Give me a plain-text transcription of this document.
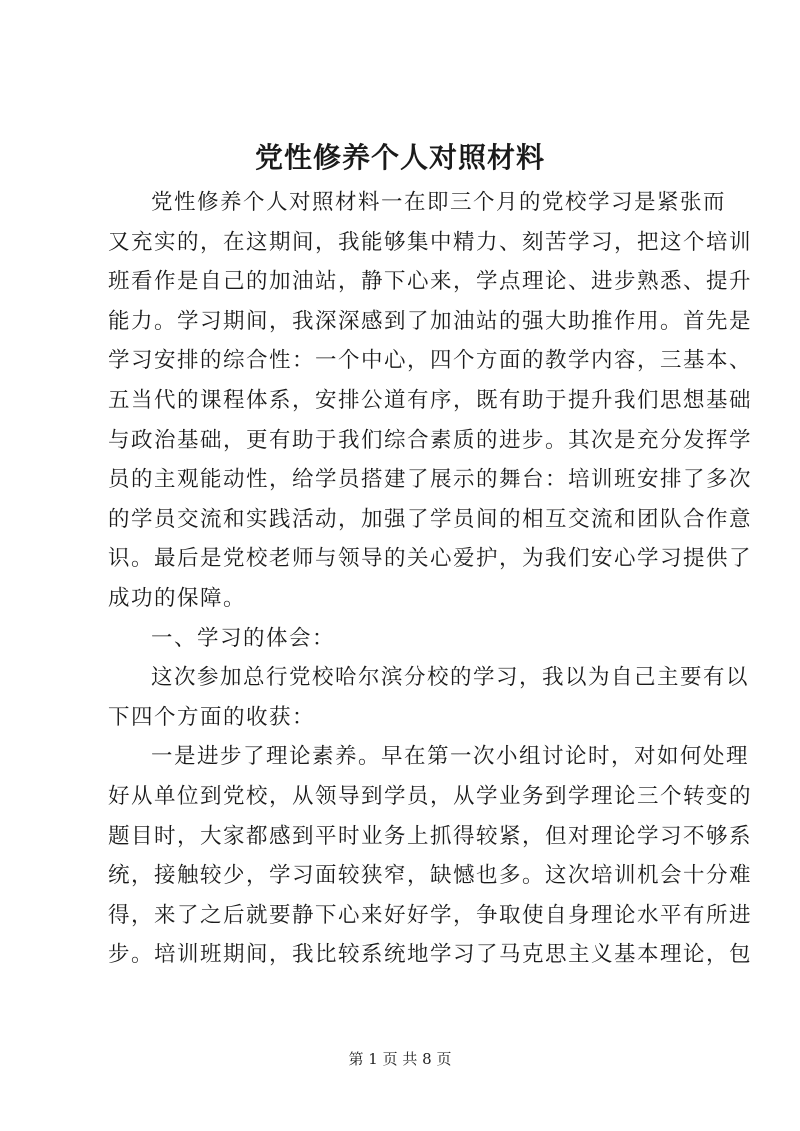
党性修养个人对照材料
党性修养个人对照材料一在即三个月的党校学习是紧张而
又充实的，在这期间，我能够集中精力、刻苦学习，把这个培训
班看作是自己的加油站，静下心来，学点理论、进步熟悉、提升
能力。学习期间，我深深感到了加油站的强大助推作用。首先是
学习安排的综合性：一个中心，四个方面的教学内容，三基本、
五当代的课程体系，安排公道有序，既有助于提升我们思想基础
与政治基础，更有助于我们综合素质的进步。其次是充分发挥学
员的主观能动性，给学员搭建了展示的舞台：培训班安排了多次
的学员交流和实践活动，加强了学员间的相互交流和团队合作意
识。最后是党校老师与领导的关心爱护，为我们安心学习提供了
成功的保障。
一、学习的体会：
这次参加总行党校哈尔滨分校的学习，我以为自己主要有以
下四个方面的收获：
一是进步了理论素养。早在第一次小组讨论时，对如何处理
好从单位到党校，从领导到学员，从学业务到学理论三个转变的
题目时，大家都感到平时业务上抓得较紧，但对理论学习不够系
统，接触较少，学习面较狭窄，缺憾也多。这次培训机会十分难
得，来了之后就要静下心来好好学，争取使自身理论水平有所进
步。培训班期间，我比较系统地学习了马克思主义基本理论，包
第 1 页 共 8 页
